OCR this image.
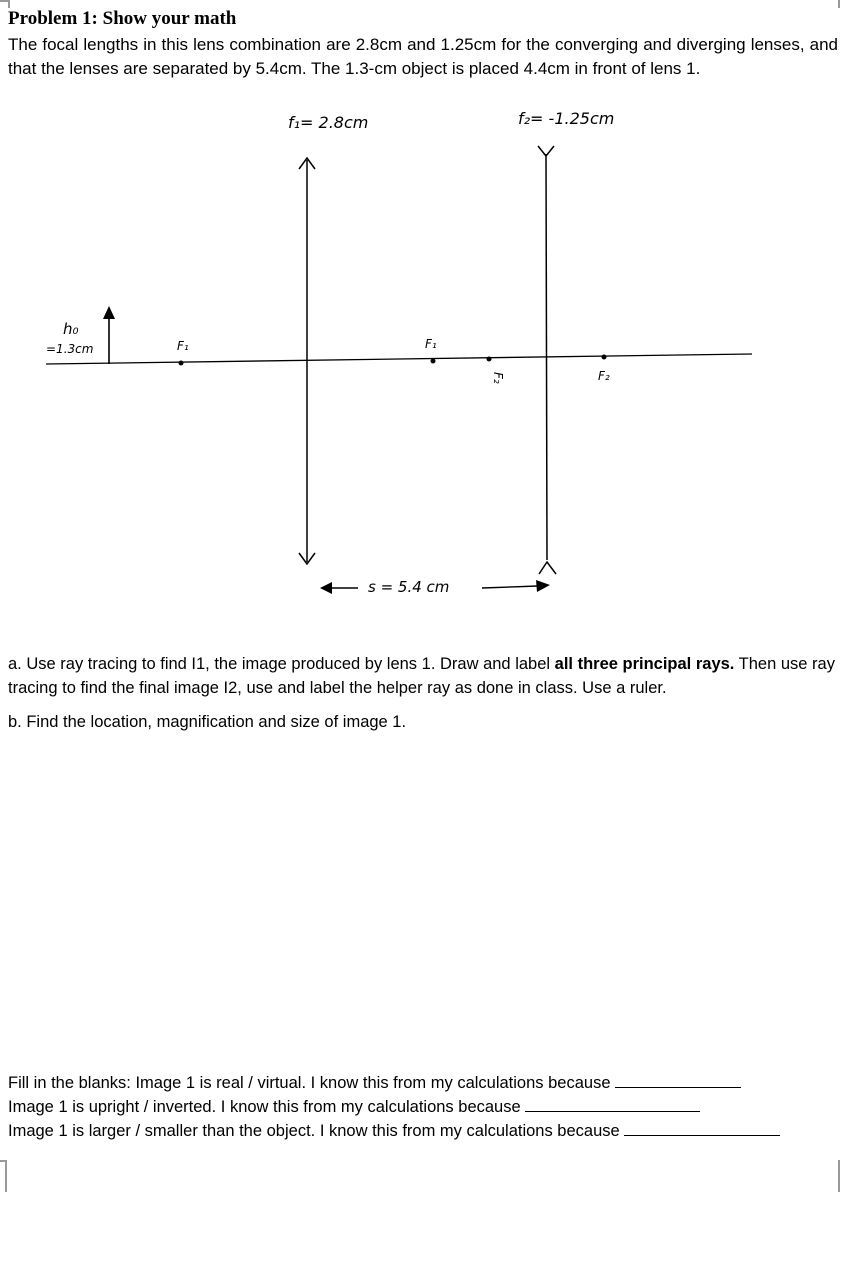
Problem 1: Show your math
The focal lengths in this lens combination are 2.8cm and 1.25cm for the converging and diverging lenses, and that the lenses are separated by 5.4cm. The 1.3-cm object is placed 4.4cm in front of lens 1.
f₁= 2.8cm	f₂= -1.25cm
h₀
=1.3cm	F₁	F₁
F₂	F₂
s = 5.4 cm
a. Use ray tracing to find I1, the image produced by lens 1. Draw and label all three principal rays. Then use ray tracing to find the final image I2, use and label the helper ray as done in class. Use a ruler.
b. Find the location, magnification and size of image 1.
Fill in the blanks: Image 1 is real / virtual. I know this from my calculations because
Image 1 is upright / inverted. I know this from my calculations because
Image 1 is larger / smaller than the object. I know this from my calculations because
